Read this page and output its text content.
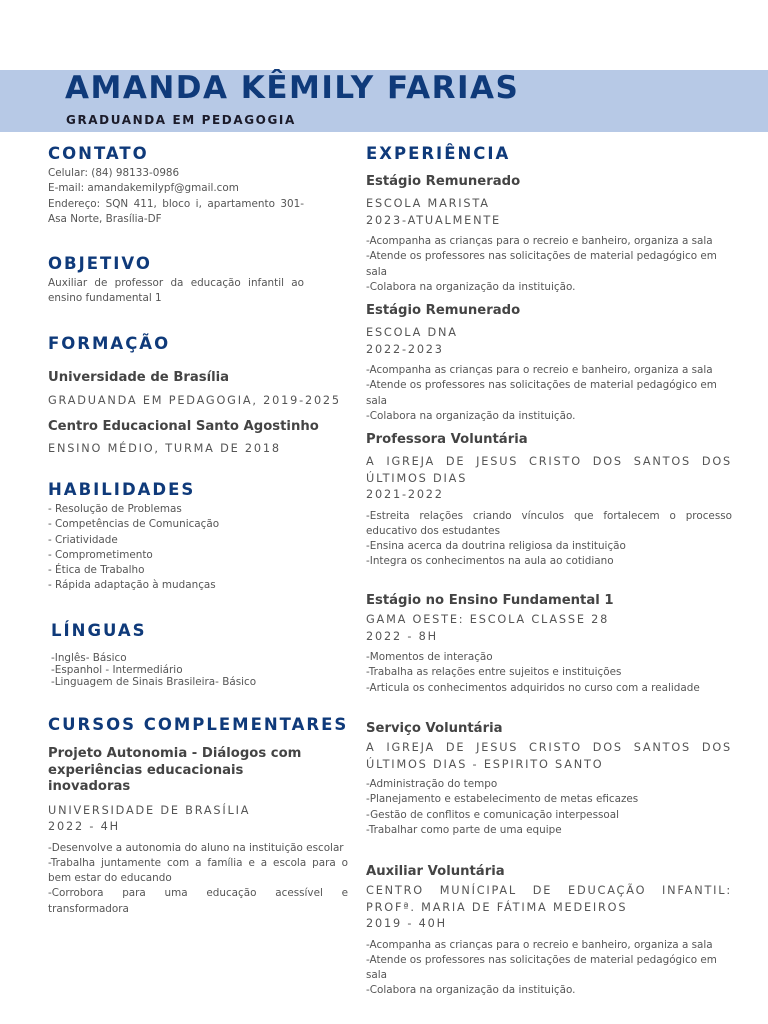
AMANDA KÊMILY FARIAS
GRADUANDA EM PEDAGOGIA
CONTATO
Celular: (84) 98133-0986
E-mail: amandakemilypf@gmail.com
Endereço: SQN 411, bloco i, apartamento 301-
Asa Norte, Brasília-DF
OBJETIVO
Auxiliar de professor da educação infantil ao
ensino fundamental 1
FORMAÇÃO
Universidade de Brasília
GRADUANDA EM PEDAGOGIA, 2019-2025
Centro Educacional Santo Agostinho
ENSINO MÉDIO, TURMA DE 2018
HABILIDADES
- Resolução de Problemas
- Competências de Comunicação
- Criatividade
- Comprometimento
- Ética de Trabalho
- Rápida adaptação à mudanças
LÍNGUAS
-Inglês- Básico
-Espanhol - Intermediário
-Linguagem de Sinais Brasileira- Básico
CURSOS COMPLEMENTARES
Projeto Autonomia - Diálogos com
experiências educacionais
inovadoras
UNIVERSIDADE DE BRASÍLIA
2022 - 4H
-Desenvolve a autonomia do aluno na instituição escolar
-Trabalha juntamente com a família e a escola para o
bem estar do educando
-Corrobora para uma educação acessível e
transformadora
EXPERIÊNCIA
Estágio Remunerado
ESCOLA MARISTA
2023-ATUALMENTE
-Acompanha as crianças para o recreio e banheiro, organiza a sala
-Atende os professores nas solicitações de material pedagógico em
sala
-Colabora na organização da instituição.
Estágio Remunerado
ESCOLA DNA
2022-2023
-Acompanha as crianças para o recreio e banheiro, organiza a sala
-Atende os professores nas solicitações de material pedagógico em
sala
-Colabora na organização da instituição.
Professora Voluntária
A IGREJA DE JESUS CRISTO DOS SANTOS DOS
ÚLTIMOS DIAS
2021-2022
-Estreita relações criando vínculos que fortalecem o processo
educativo dos estudantes
-Ensina acerca da doutrina religiosa da instituição
-Integra os conhecimentos na aula ao cotidiano
Estágio no Ensino Fundamental 1
GAMA OESTE: ESCOLA CLASSE 28
2022 - 8H
-Momentos de interação
-Trabalha as relações entre sujeitos e instituições
-Articula os conhecimentos adquiridos no curso com a realidade
Serviço Voluntária
A IGREJA DE JESUS CRISTO DOS SANTOS DOS
ÚLTIMOS DIAS - ESPIRITO SANTO
-Administração do tempo
-Planejamento e estabelecimento de metas eficazes
-Gestão de conflitos e comunicação interpessoal
-Trabalhar como parte de uma equipe
Auxiliar Voluntária
CENTRO MUNÍCIPAL DE EDUCAÇÃO INFANTIL:
PROFª. MARIA DE FÁTIMA MEDEIROS
2019 - 40H
-Acompanha as crianças para o recreio e banheiro, organiza a sala
-Atende os professores nas solicitações de material pedagógico em
sala
-Colabora na organização da instituição.
